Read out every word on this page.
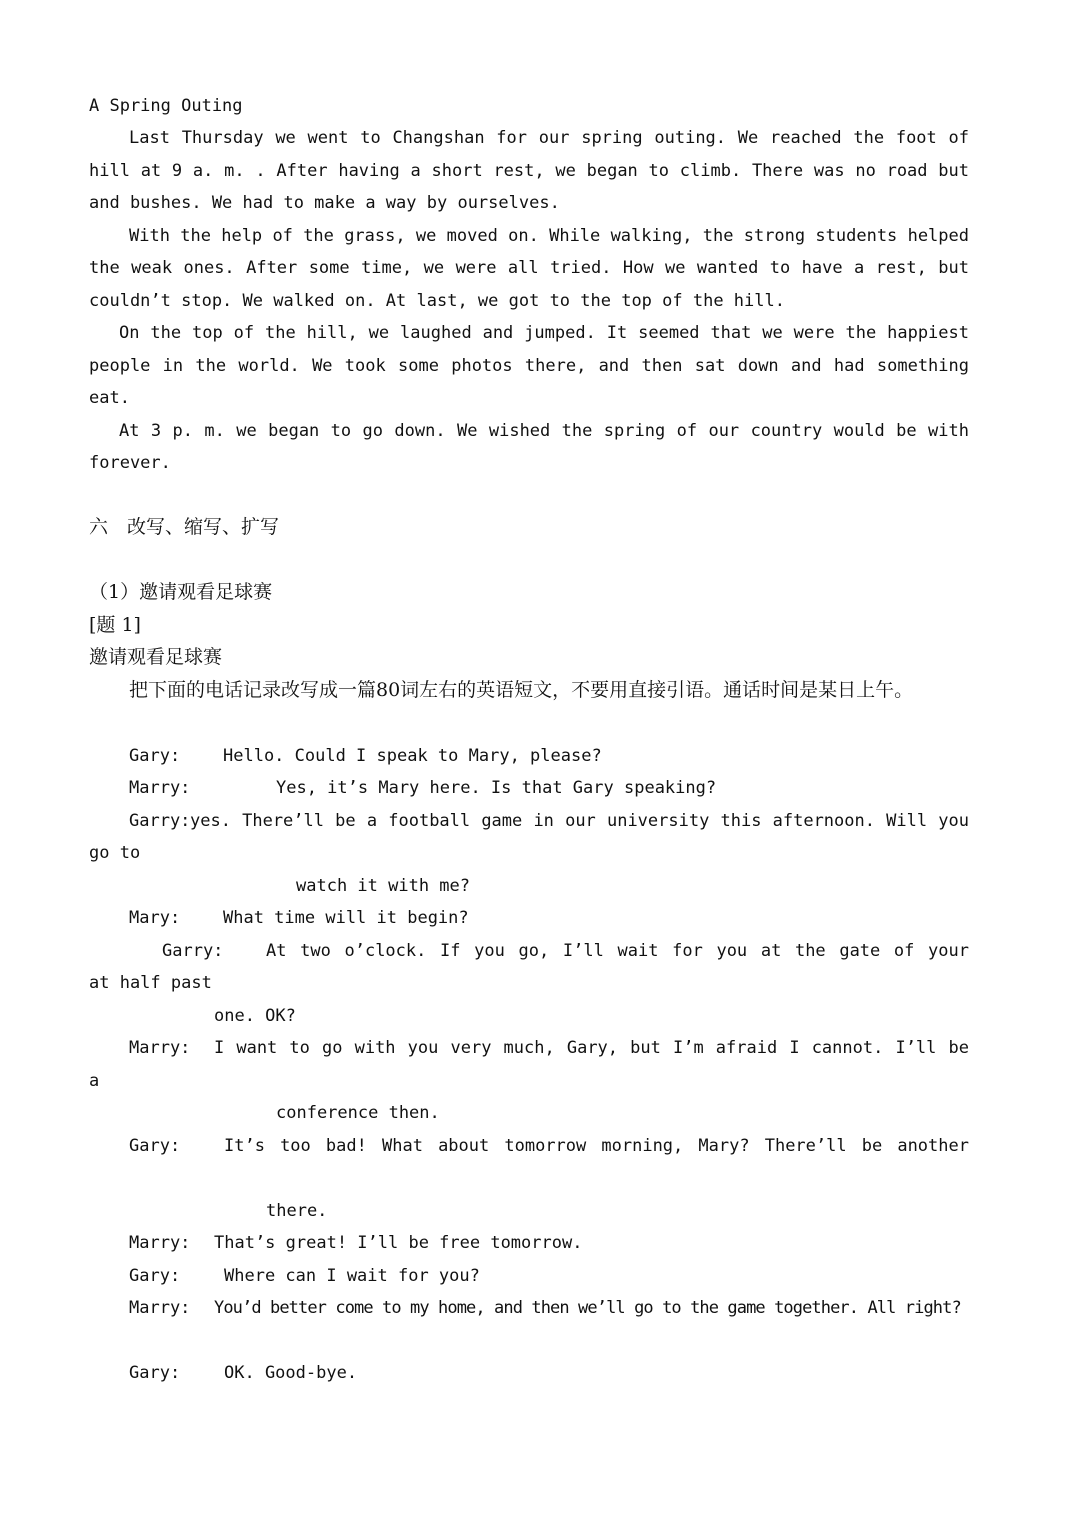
A Spring Outing
Last Thursday we went to Changshan for our spring outing. We reached the foot of
hill at 9 a. m. . After having a short rest, we began to climb. There was no road but
and bushes. We had to make a way by ourselves.
With the help of the grass, we moved on. While walking, the strong students helped
the weak ones. After some time, we were all tried. How we wanted to have a rest, but
couldn’t stop. We walked on. At last, we got to the top of the hill.
On the top of the hill, we laughed and jumped. It seemed that we were the happiest
people in the world. We took some photos there, and then sat down and had something
eat.
At 3 p. m. we began to go down. We wished the spring of our country would be with
forever.
六　改写、缩写、扩写
（1）邀请观看足球赛
[题 1]
邀请观看足球赛
把下面的电话记录改写成一篇80词左右的英语短文，不要用直接引语。通话时间是某日上午。
Gary:	Hello. Could I speak to Mary, please?
Marry:	Yes, it’s Mary here. Is that Gary speaking?
Garry: yes. There’ll be a football game in our university this afternoon. Will you
go to
watch it with me?
Mary:	What time will it begin?
Garry:	At two o’clock. If you go, I’ll wait for you at the gate of your
at half past
one. OK?
Marry:	I want to go with you very much, Gary, but I’m afraid I cannot. I’ll be
a
conference then.
Gary:	It’s too bad! What about tomorrow morning, Mary? There’ll be another
there.
Marry:	That’s great! I’ll be free tomorrow.
Gary:	Where can I wait for you?
Marry:	You’d better come to my home, and then we’ll go to the game together. All right?
Gary:	OK. Good-bye.
